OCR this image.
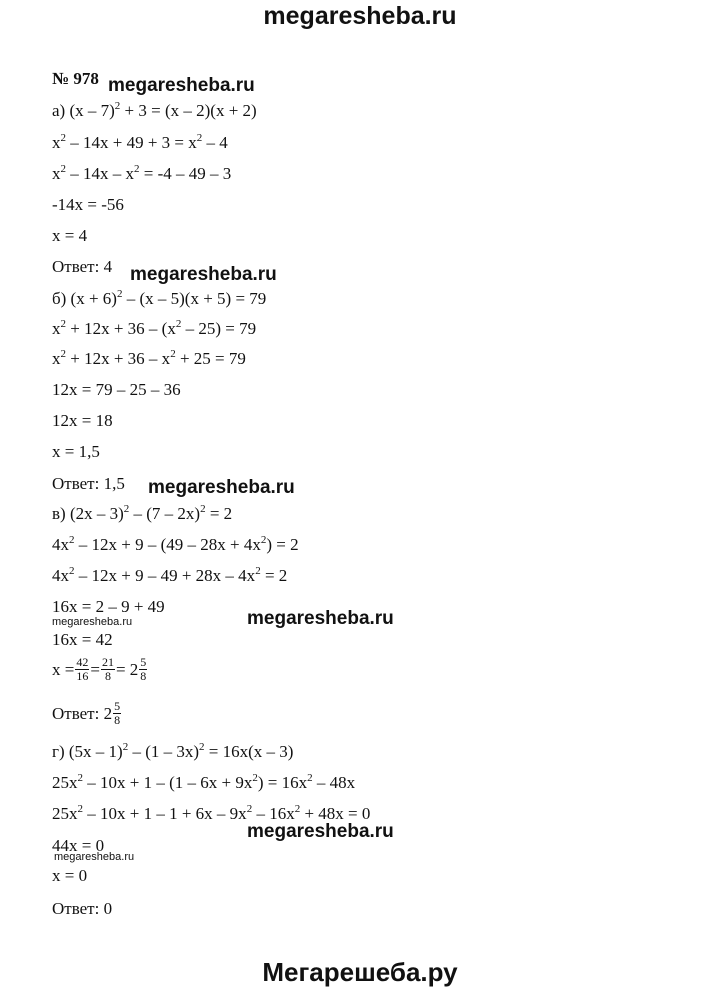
megaresheba.ru
№ 978 megaresheba.ru
а) (x – 7)$^2$ + 3 = (x – 2)(x + 2)
$x^2 - 14x + 49 + 3 = x^2 - 4$
$x^2 - 14x - x^2 = -4 - 49 - 3$
-14x = -56
x = 4
Ответ: 4 megaresheba.ru
б) $(x + 6)^2 - (x - 5)(x + 5) = 79$
$x^2 + 12x + 36 - (x^2 - 25) = 79$
$x^2 + 12x + 36 - x^2 + 25 = 79$
12x = 79 – 25 – 36
12x = 18
x = 1,5
Ответ: 1,5 megaresheba.ru
в) (2x – 3)$^2$ – (7 – 2x)$^2$ = 2
$4x^2 - 12x + 9 - (49 - 28x + 4x^2) = 2$
$4x^2 - 12x + 9 - 49 + 28x - 4x^2 = 2$
16x = 2 – 9 + 49
megaresheba.ru
megaresheba.ru
16x = 42
$x = \frac{42}{16} = \frac{21}{8} = 2 \frac{5}{8}$
Ответ: $2 \frac{5}{8}$
г) (5x – 1)$^2$ – (1 – 3x)$^2$ = 16x(x – 3)
$25x^2 - 10x + 1 - (1 - 6x + 9x^2) = 16x^2 - 48x$
$25x^2 - 10x + 1 - 1 + 6x - 9x^2 - 16x^2 + 48x = 0$
megaresheba.ru
44x = 0
megaresheba.ru
x = 0
Ответ: 0
Мегарешеба.ру
